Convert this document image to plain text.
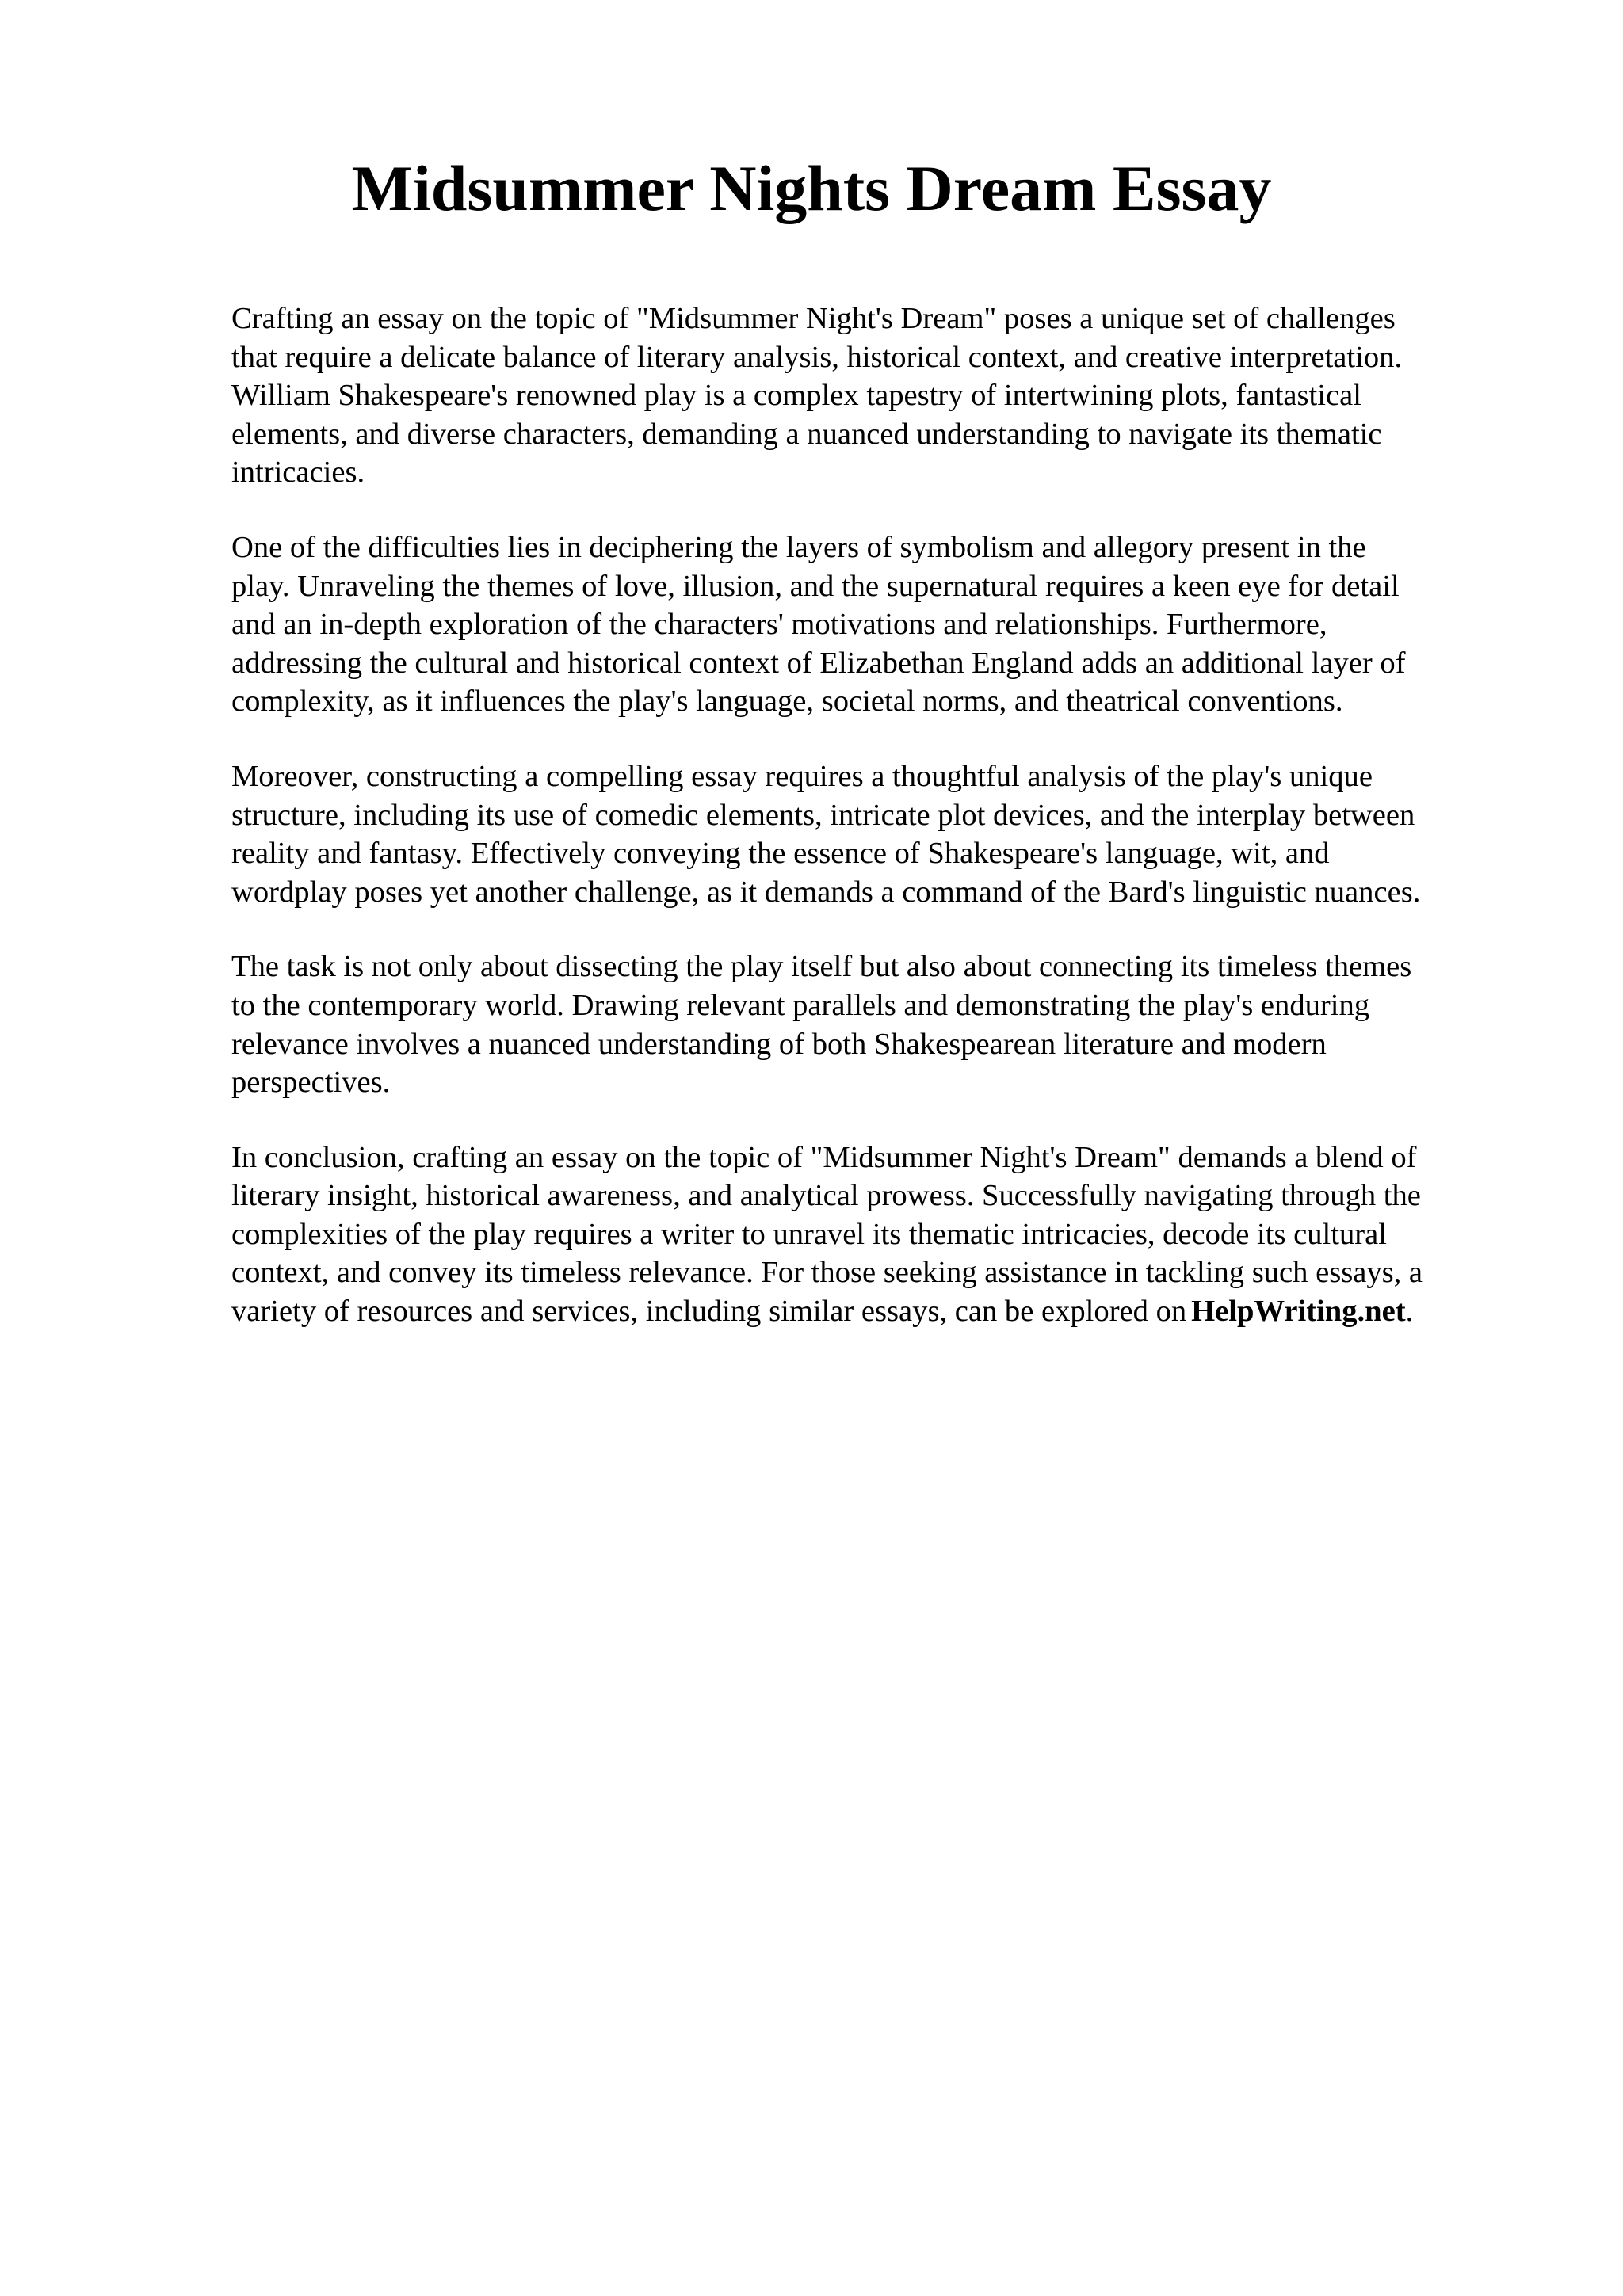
Midsummer Nights Dream Essay

Crafting an essay on the topic of "Midsummer Night's Dream" poses a unique set of challenges
that require a delicate balance of literary analysis, historical context, and creative interpretation.
William Shakespeare's renowned play is a complex tapestry of intertwining plots, fantastical
elements, and diverse characters, demanding a nuanced understanding to navigate its thematic
intricacies.

One of the difficulties lies in deciphering the layers of symbolism and allegory present in the
play. Unraveling the themes of love, illusion, and the supernatural requires a keen eye for detail
and an in-depth exploration of the characters' motivations and relationships. Furthermore,
addressing the cultural and historical context of Elizabethan England adds an additional layer of
complexity, as it influences the play's language, societal norms, and theatrical conventions.

Moreover, constructing a compelling essay requires a thoughtful analysis of the play's unique
structure, including its use of comedic elements, intricate plot devices, and the interplay between
reality and fantasy. Effectively conveying the essence of Shakespeare's language, wit, and
wordplay poses yet another challenge, as it demands a command of the Bard's linguistic nuances.

The task is not only about dissecting the play itself but also about connecting its timeless themes
to the contemporary world. Drawing relevant parallels and demonstrating the play's enduring
relevance involves a nuanced understanding of both Shakespearean literature and modern
perspectives.

In conclusion, crafting an essay on the topic of "Midsummer Night's Dream" demands a blend of
literary insight, historical awareness, and analytical prowess. Successfully navigating through the
complexities of the play requires a writer to unravel its thematic intricacies, decode its cultural
context, and convey its timeless relevance. For those seeking assistance in tackling such essays, a
variety of resources and services, including similar essays, can be explored on HelpWriting.net.
